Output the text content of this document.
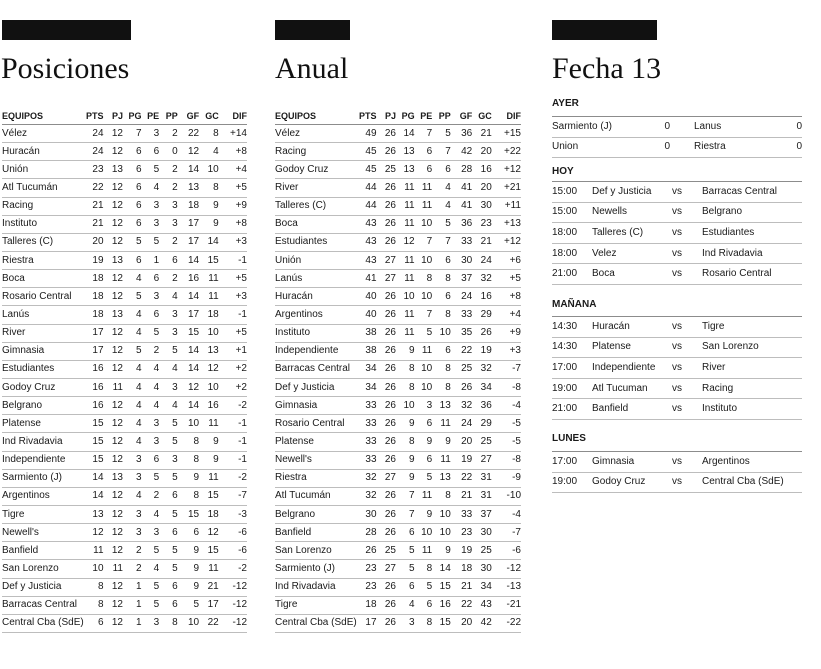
Posiciones	Anual	Fecha 13
EQUIPOS	PTS	PJ	PG	PE	PP	GF	GC	DIF
Vélez	24	12	7	3	2	22	8	+14
Huracán	24	12	6	6	0	12	4	+8
Unión	23	13	6	5	2	14	10	+4
Atl Tucumán	22	12	6	4	2	13	8	+5
Racing	21	12	6	3	3	18	9	+9
Instituto	21	12	6	3	3	17	9	+8
Talleres (C)	20	12	5	5	2	17	14	+3
Riestra	19	13	6	1	6	14	15	-1
Boca	18	12	4	6	2	16	11	+5
Rosario Central	18	12	5	3	4	14	11	+3
Lanús	18	13	4	6	3	17	18	-1
River	17	12	4	5	3	15	10	+5
Gimnasia	17	12	5	2	5	14	13	+1
Estudiantes	16	12	4	4	4	14	12	+2
Godoy Cruz	16	11	4	4	3	12	10	+2
Belgrano	16	12	4	4	4	14	16	-2
Platense	15	12	4	3	5	10	11	-1
Ind Rivadavia	15	12	4	3	5	8	9	-1
Independiente	15	12	3	6	3	8	9	-1
Sarmiento (J)	14	13	3	5	5	9	11	-2
Argentinos	14	12	4	2	6	8	15	-7
Tigre	13	12	3	4	5	15	18	-3
Newell's	12	12	3	3	6	6	12	-6
Banfield	11	12	2	5	5	9	15	-6
San Lorenzo	10	11	2	4	5	9	11	-2
Def y Justicia	8	12	1	5	6	9	21	-12
Barracas Central	8	12	1	5	6	5	17	-12
Central Cba (SdE)	6	12	1	3	8	10	22	-12
EQUIPOS	PTS	PJ	PG	PE	PP	GF	GC	DIF
Vélez	49	26	14	7	5	36	21	+15
Racing	45	26	13	6	7	42	20	+22
Godoy Cruz	45	25	13	6	6	28	16	+12
River	44	26	11	11	4	41	20	+21
Talleres (C)	44	26	11	11	4	41	30	+11
Boca	43	26	11	10	5	36	23	+13
Estudiantes	43	26	12	7	7	33	21	+12
Unión	43	27	11	10	6	30	24	+6
Lanús	41	27	11	8	8	37	32	+5
Huracán	40	26	10	10	6	24	16	+8
Argentinos	40	26	11	7	8	33	29	+4
Instituto	38	26	11	5	10	35	26	+9
Independiente	38	26	9	11	6	22	19	+3
Barracas Central	34	26	8	10	8	25	32	-7
Def y Justicia	34	26	8	10	8	26	34	-8
Gimnasia	33	26	10	3	13	32	36	-4
Rosario Central	33	26	9	6	11	24	29	-5
Platense	33	26	8	9	9	20	25	-5
Newell's	33	26	9	6	11	19	27	-8
Riestra	32	27	9	5	13	22	31	-9
Atl Tucumán	32	26	7	11	8	21	31	-10
Belgrano	30	26	7	9	10	33	37	-4
Banfield	28	26	6	10	10	23	30	-7
San Lorenzo	26	25	5	11	9	19	25	-6
Sarmiento (J)	23	27	5	8	14	18	30	-12
Ind Rivadavia	23	26	6	5	15	21	34	-13
Tigre	18	26	4	6	16	22	43	-21
Central Cba (SdE)	17	26	3	8	15	20	42	-22
AYER
Sarmiento (J)	0	Lanus	0
Union	0	Riestra	0
HOY
15:00	Def y Justicia	vs	Barracas Central
15:00	Newells	vs	Belgrano
18:00	Talleres (C)	vs	Estudiantes
18:00	Velez	vs	Ind Rivadavia
21:00	Boca	vs	Rosario Central
MAÑANA
14:30	Huracán	vs	Tigre
14:30	Platense	vs	San Lorenzo
17:00	Independiente	vs	River
19:00	Atl Tucuman	vs	Racing
21:00	Banfield	vs	Instituto
LUNES
17:00	Gimnasia	vs	Argentinos
19:00	Godoy Cruz	vs	Central Cba (SdE)
